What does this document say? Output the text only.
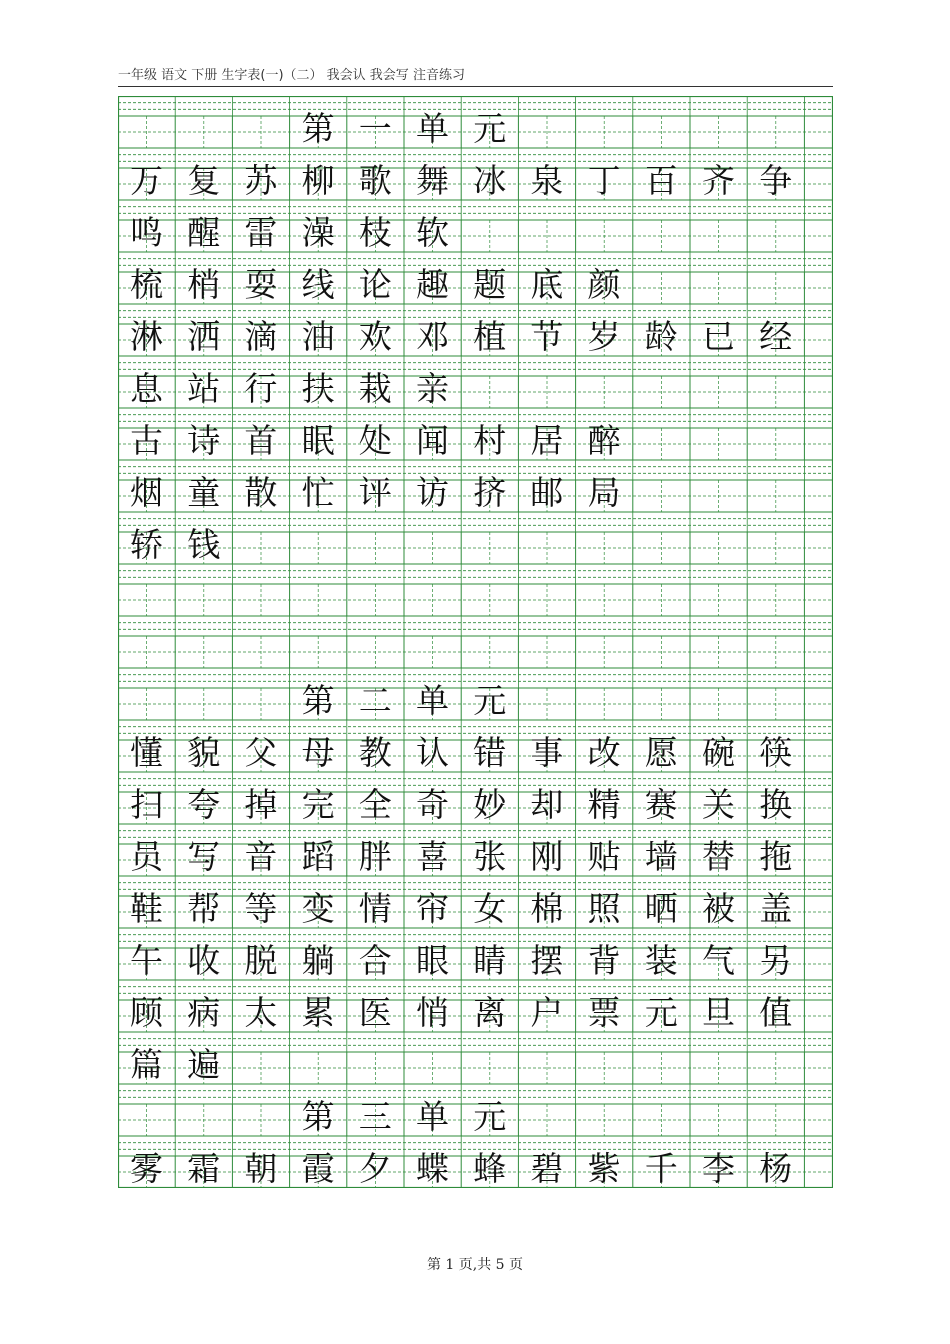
一年级 语文 下册 生字表(一)（二） 我会认 我会写 注音练习
第 一 单 元
万 复 苏 柳 歌 舞 冰 泉 丁 百 齐 争
鸣 醒 雷 澡 枝 软
梳 梢 耍 线 论 趣 题 底 颜
淋 洒 滴 油 欢 邓 植 节 岁 龄 已 经
息 站 行 扶 栽 亲
古 诗 首 眠 处 闻 村 居 醉
烟 童 散 忙 评 访 挤 邮 局
轿 钱
第 二 单 元
懂 貌 父 母 教 认 错 事 改 愿 碗 筷
扫 夸 掉 完 全 奇 妙 却 精 赛 关 换
员 写 音 蹈 胖 喜 张 刚 贴 墙 替 拖
鞋 帮 等 变 情 帘 女 棉 照 晒 被 盖
午 收 脱 躺 合 眼 睛 摆 背 装 气 另
顾 病 太 累 医 悄 离 户 票 元 旦 值
篇 遍
第 三 单 元
雾 霜 朝 霞 夕 蝶 蜂 碧 紫 千 李 杨
第 1 页,共 5 页
